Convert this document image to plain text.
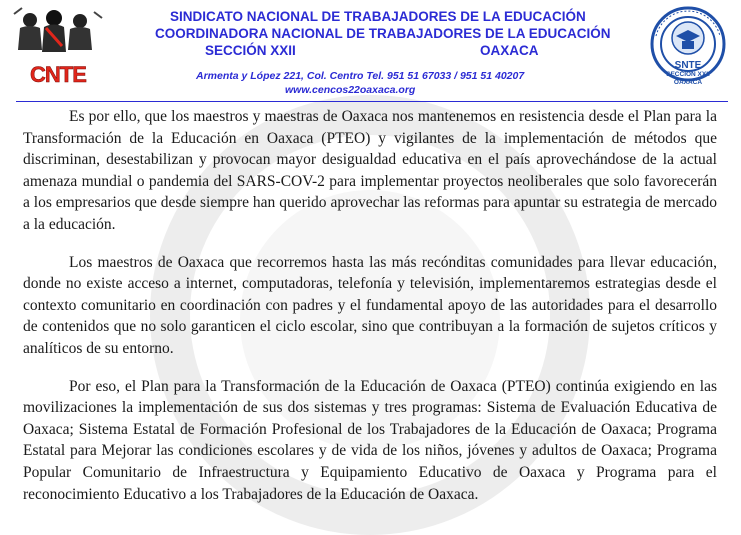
CNTE
SINDICATO NACIONAL DE TRABAJADORES DE LA EDUCACIÓN
COORDINADORA NACIONAL DE TRABAJADORES DE LA EDUCACIÓN
SECCIÓN XXII	OAXACA
Armenta y López 221, Col. Centro Tel. 951 51 67033 / 951 51 40207
www.cencos22oaxaca.org
SNTE
SECCION XXII
OAXACA

Es por ello, que los maestros y maestras de Oaxaca nos mantenemos en resistencia desde el Plan para la Transformación de la Educación en Oaxaca (PTEO) y vigilantes de la implementación de métodos que discriminan, desestabilizan y provocan mayor desigualdad educativa en el país aprovechándose de la actual amenaza mundial o pandemia del SARS-COV-2 para implementar proyectos neoliberales que solo favorecerán a los empresarios que desde siempre han querido aprovechar las reformas para apuntar su estrategia de mercado a la educación.

Los maestros de Oaxaca que recorremos hasta las más recónditas comunidades para llevar educación, donde no existe acceso a internet, computadoras, telefonía y televisión, implementaremos estrategias desde el contexto comunitario en coordinación con padres y el fundamental apoyo de las autoridades para el desarrollo de contenidos que no solo garanticen el ciclo escolar, sino que contribuyan a la formación de sujetos críticos y analíticos de su entorno.

Por eso, el Plan para la Transformación de la Educación de Oaxaca (PTEO) continúa exigiendo en las movilizaciones la implementación de sus dos sistemas y tres programas: Sistema de Evaluación Educativa de Oaxaca; Sistema Estatal de Formación Profesional de los Trabajadores de la Educación de Oaxaca; Programa Estatal para Mejorar las condiciones escolares y de vida de los niños, jóvenes y adultos de Oaxaca; Programa Popular Comunitario de Infraestructura y Equipamiento Educativo de Oaxaca y Programa para el reconocimiento Educativo a los Trabajadores de la Educación de Oaxaca.
